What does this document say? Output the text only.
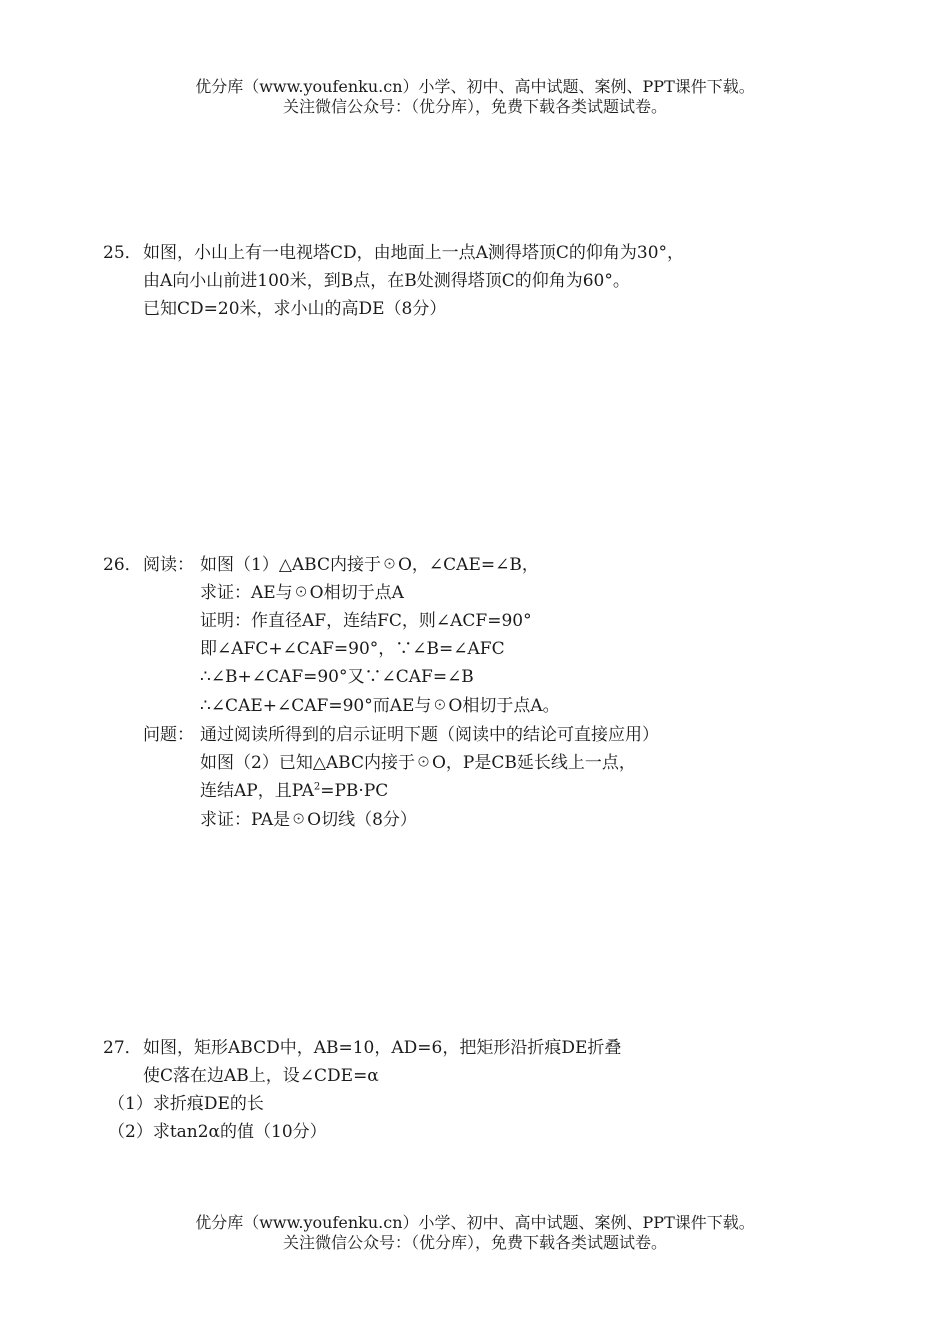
优分库（www.youfenku.cn）小学、初中、高中试题、案例、PPT课件下载。
关注微信公众号：（优分库），免费下载各类试题试卷。
25． 如图，小山上有一电视塔CD，由地面上一点A测得塔顶C的仰角为30°，
由A向小山前进100米，到B点，在B处测得塔顶C的仰角为60°。
已知CD=20米，求小山的高DE（8分）
26． 阅读： 如图（1）△ABC内接于☉O，∠CAE=∠B，
求证：AE与☉O相切于点A
证明：作直径AF，连结FC，则∠ACF=90°
即∠AFC+∠CAF=90°，∵∠B=∠AFC
∴∠B+∠CAF=90°又∵∠CAF=∠B
∴∠CAE+∠CAF=90°而AE与☉O相切于点A。
问题： 通过阅读所得到的启示证明下题（阅读中的结论可直接应用）
如图（2）已知△ABC内接于☉O，P是CB延长线上一点，
连结AP，且$PA^2=PB\cdot PC$
求证：PA是☉O切线（8分）
27． 如图，矩形ABCD中，AB=10，AD=6，把矩形沿折痕DE折叠
使C落在边AB上，设∠CDE=α
（1）求折痕DE的长
（2）求tan2α的值（10分）
优分库（www.youfenku.cn）小学、初中、高中试题、案例、PPT课件下载。
关注微信公众号：（优分库），免费下载各类试题试卷。
